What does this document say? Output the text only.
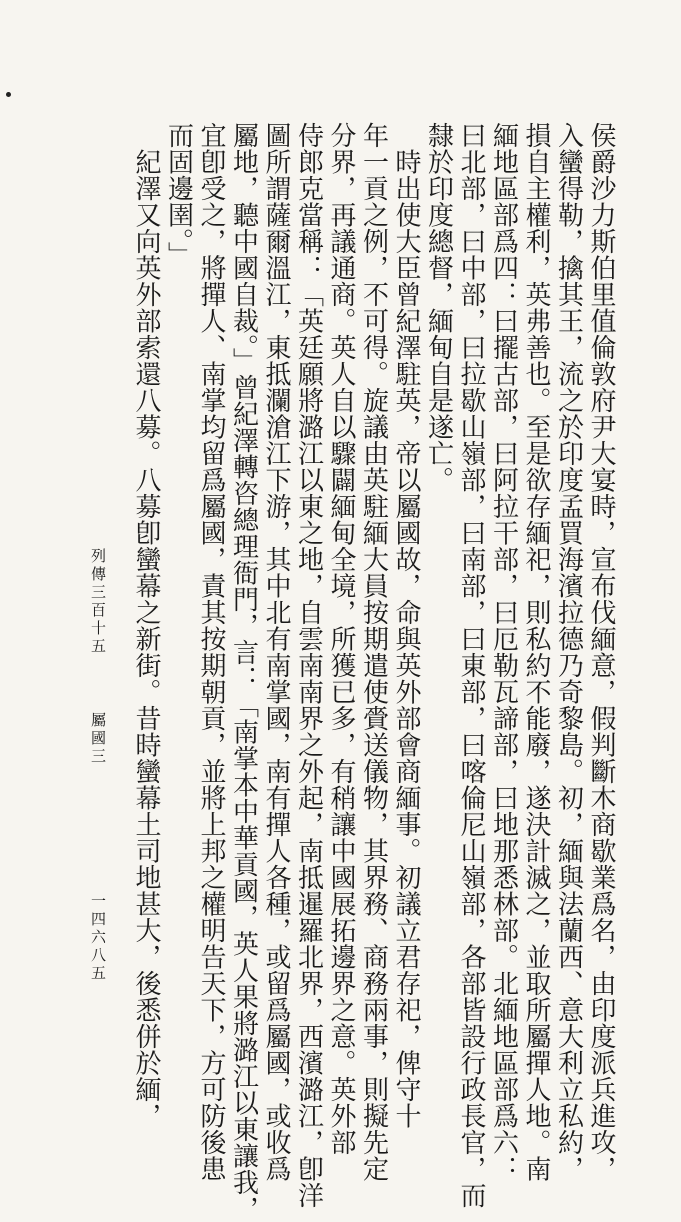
侯爵沙力斯伯里值倫敦府尹大宴時，宣布伐緬意，假判斷木商歇業爲名，由印度派兵進攻，
入蠻得勒，擒其王，流之於印度孟買海濱拉德乃奇黎島。初，緬與法蘭西、意大利立私約，
損自主權利，英弗善也。至是欲存緬祀，則私約不能廢，遂決計滅之，並取所屬撣人地。南
緬地區部爲四：曰擺古部，曰阿拉干部，曰厄勒瓦諦部，曰地那悉林部。北緬地區部爲六：
曰北部，曰中部，曰拉歇山嶺部，曰南部，曰東部，曰喀倫尼山嶺部，各部皆設行政長官，而
隸於印度總督，緬甸自是遂亡。
　時出使大臣曾紀澤駐英，帝以屬國故，命與英外部會商緬事。初議立君存祀，俾守十
年一貢之例，不可得。旋議由英駐緬大員按期遣使賫送儀物，其界務、商務兩事，則擬先定
分界，再議通商。英人自以驟闢緬甸全境，所獲已多，有稍讓中國展拓邊界之意。英外部
侍郎克當稱：「英廷願將潞江以東之地，自雲南南界之外起，南抵暹羅北界，西濱潞江，卽洋
圖所謂薩爾溫江，東抵瀾滄江下游，其中北有南掌國，南有撣人各種，或留爲屬國，或收爲
屬地，聽中國自裁。」曾紀澤轉咨總理衙門，言：「南掌本中華貢國，英人果將潞江以東讓我，
宜卽受之，將撣人、南掌均留爲屬國，責其按期朝貢，並將上邦之權明告天下，方可防後患
而固邊圉。」
　紀澤又向英外部索還八募。八募卽蠻幕之新街。昔時蠻幕土司地甚大，後悉併於緬，
列傳三百十五
屬國三
一四六八五
